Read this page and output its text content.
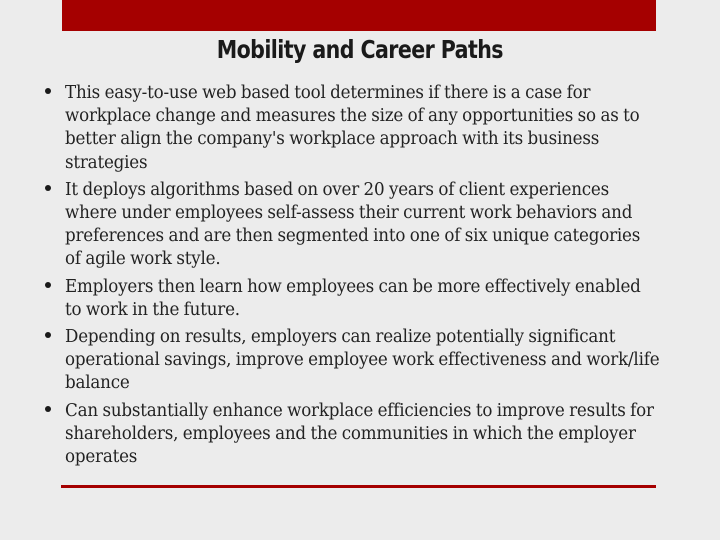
Mobility and Career Paths
This easy-to-use web based tool determines if there is a case for workplace change and measures the size of any opportunities so as to better align the company's workplace approach with its business strategies
It deploys algorithms based on over 20 years of client experiences where under employees self-assess their current work behaviors and preferences and are then segmented into one of six unique categories of agile work style.
Employers then learn how employees can be more effectively enabled to work in the future.
Depending on results, employers can realize potentially significant operational savings, improve employee work effectiveness and work/life balance
Can substantially enhance workplace efficiencies to improve results for shareholders, employees and the communities in which the employer operates
